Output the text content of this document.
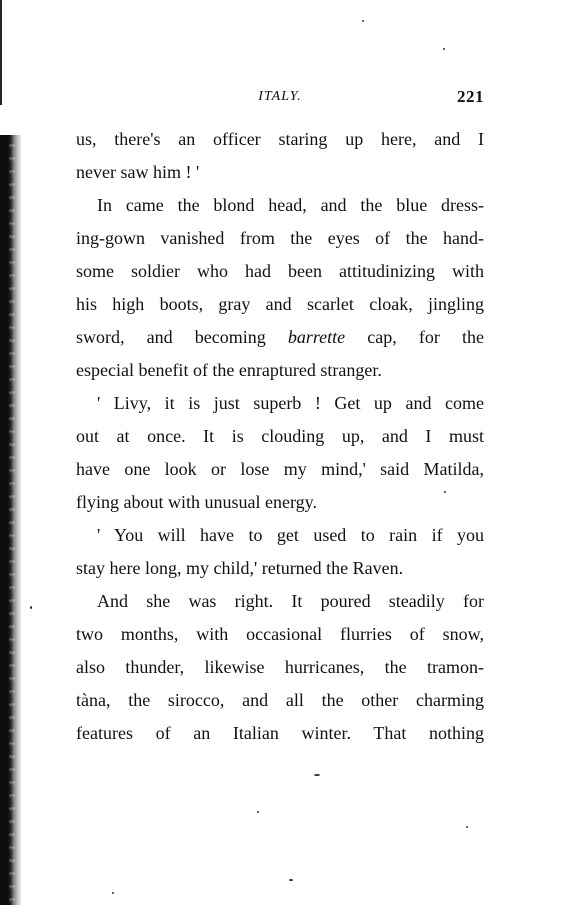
ITALY.	221
us, there's an officer staring up here, and I
never saw him ! '
In came the blond head, and the blue dress-
ing-gown vanished from the eyes of the hand-
some soldier who had been attitudinizing with
his high boots, gray and scarlet cloak, jingling
sword, and becoming barrette cap, for the
especial benefit of the enraptured stranger.
' Livy, it is just superb ! Get up and come
out at once. It is clouding up, and I must
have one look or lose my mind,' said Matilda,
flying about with unusual energy.
' You will have to get used to rain if you
stay here long, my child,' returned the Raven.
And she was right. It poured steadily for
two months, with occasional flurries of snow,
also thunder, likewise hurricanes, the tramon-
tàna, the sirocco, and all the other charming
features of an Italian winter. That nothing
